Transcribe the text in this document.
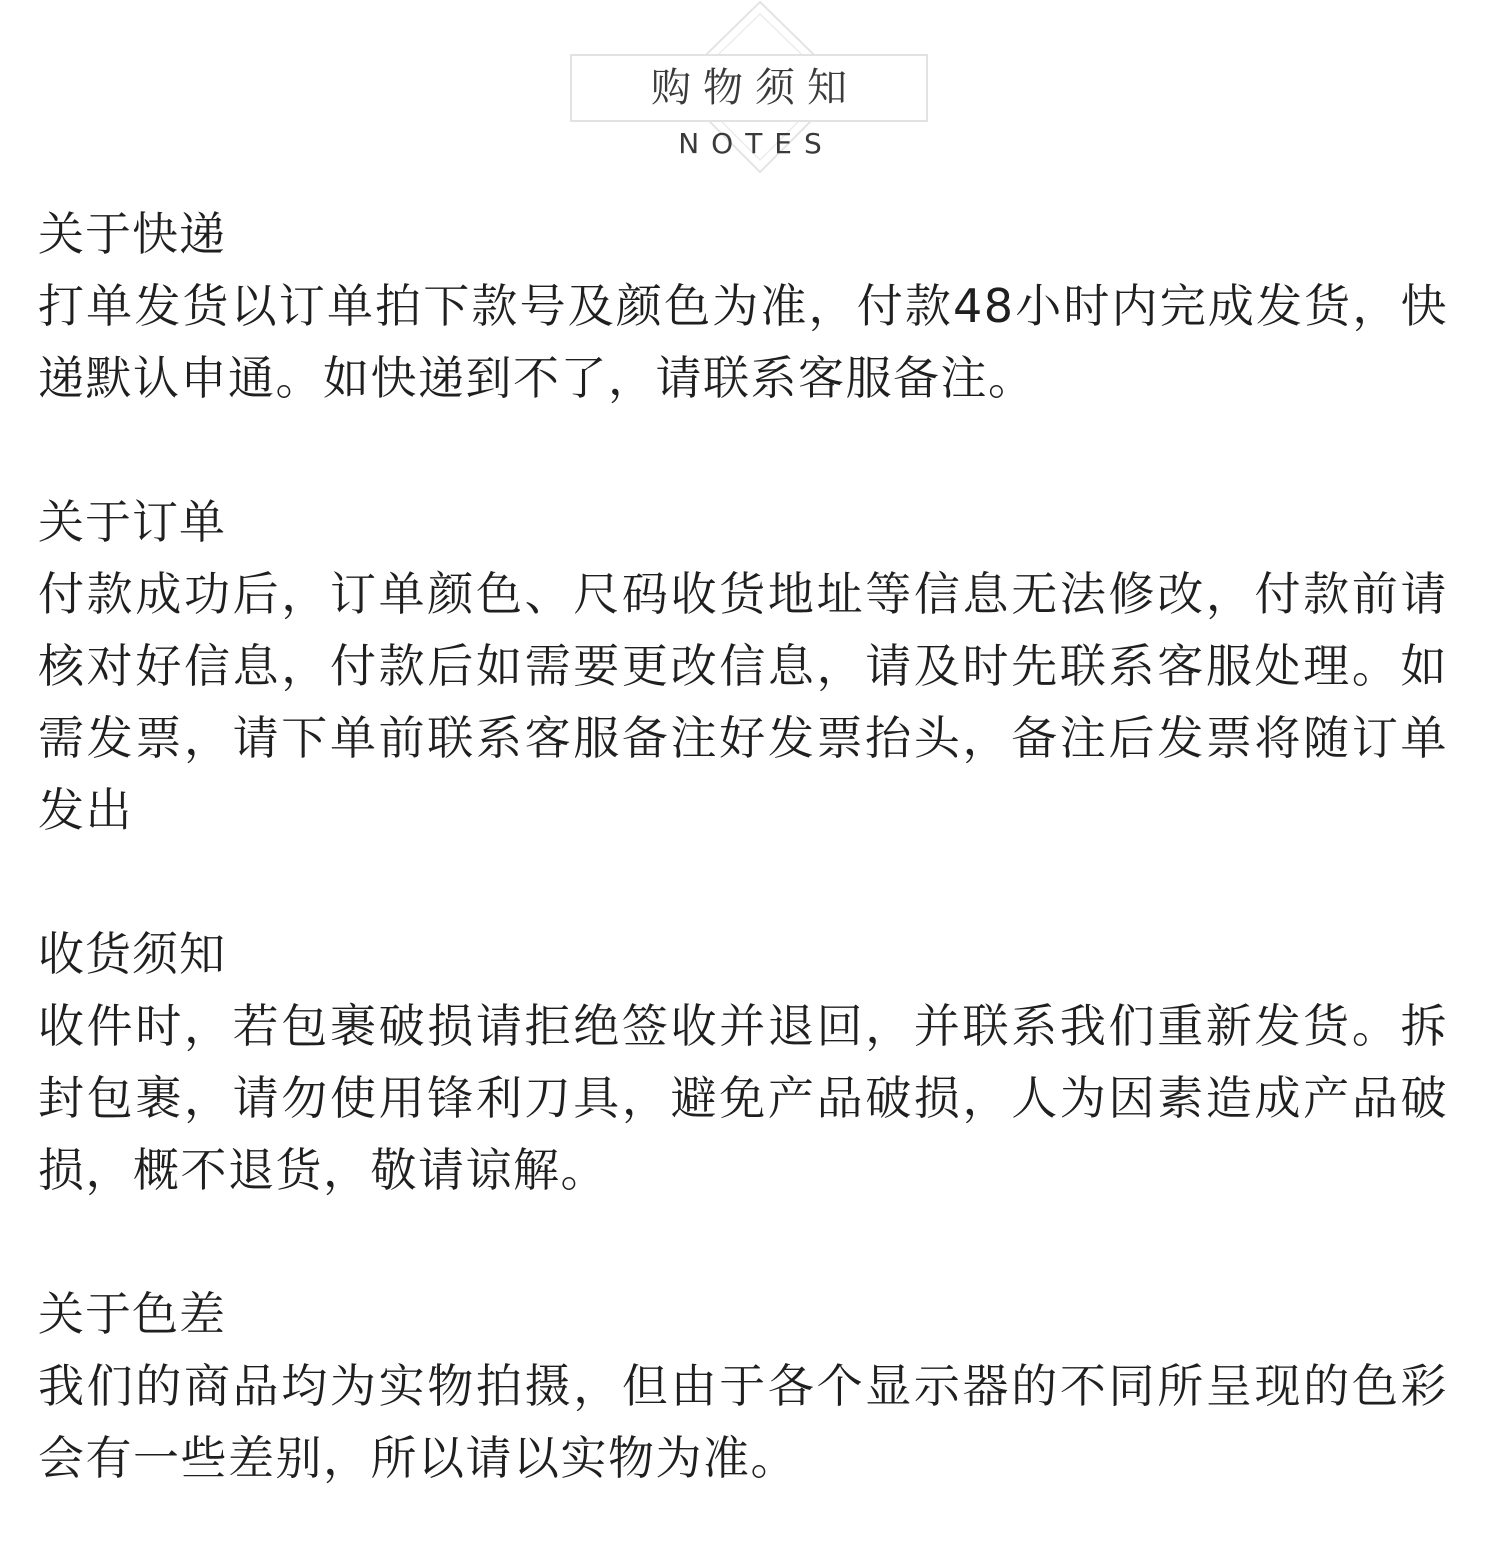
购物须知
NOTES

关于快递

打单发货以订单拍下款号及颜色为准，付款48小时内完成发货，快递默认申通。如快递到不了，请联系客服备注。

关于订单

付款成功后，订单颜色、尺码收货地址等信息无法修改，付款前请核对好信息，付款后如需要更改信息，请及时先联系客服处理。如需发票，请下单前联系客服备注好发票抬头，备注后发票将随订单发出

收货须知

收件时，若包裹破损请拒绝签收并退回，并联系我们重新发货。拆封包裹，请勿使用锋利刀具，避免产品破损，人为因素造成产品破损，概不退货，敬请谅解。

关于色差

我们的商品均为实物拍摄，但由于各个显示器的不同所呈现的色彩会有一些差别，所以请以实物为准。
